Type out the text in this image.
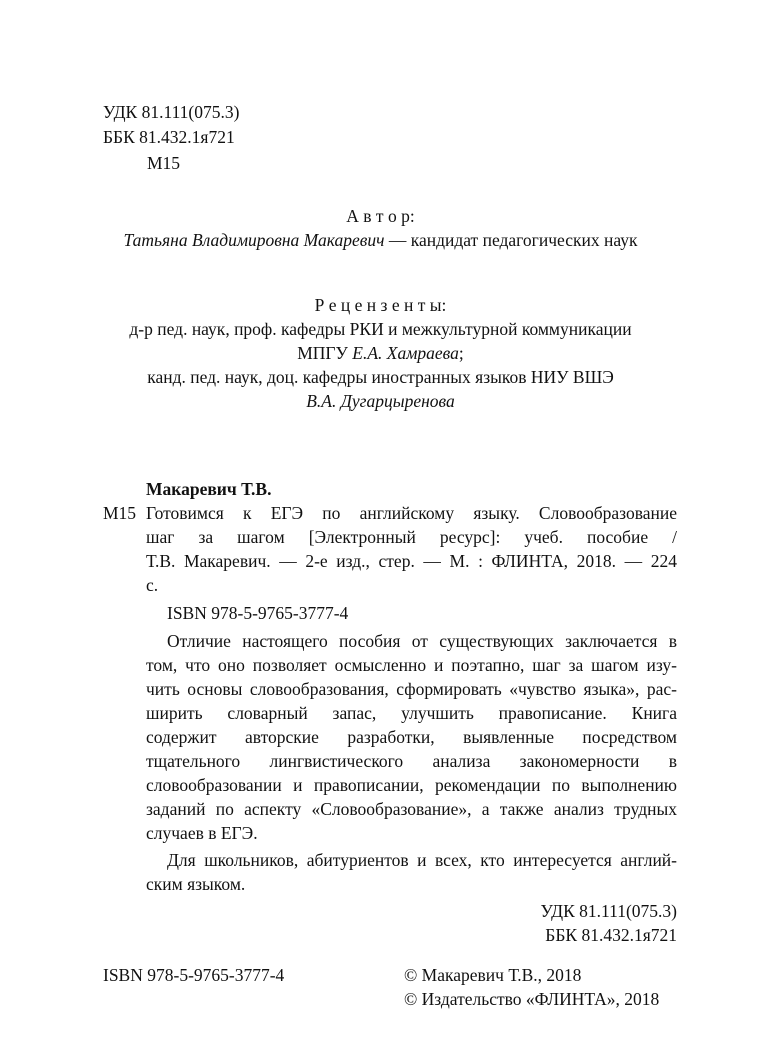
УДК 81.111(075.3)
ББК 81.432.1я721
М15
А в т о р:
Татьяна Владимировна Макаревич — кандидат педагогических наук
Р е ц е н з е н т ы:
д-р пед. наук, проф. кафедры РКИ и межкультурной коммуникации
МПГУ Е.А. Хамраева;
канд. пед. наук, доц. кафедры иностранных языков НИУ ВШЭ
В.А. Дугарцыренова
Макаревич Т.В.
М15 Готовимся к ЕГЭ по английскому языку. Словообразование
шаг за шагом [Электронный ресурс]: учеб. пособие /
Т.В. Макаревич. — 2-е изд., стер. — М. : ФЛИНТА, 2018. — 224
с.
ISBN 978-5-9765-3777-4
Отличие настоящего пособия от существующих заключается в
том, что оно позволяет осмысленно и поэтапно, шаг за шагом изу-
чить основы словообразования, сформировать «чувство языка», рас-
ширить словарный запас, улучшить правописание. Книга
содержит авторские разработки, выявленные посредством
тщательного лингвистического анализа закономерности в
словообразовании и правописании, рекомендации по выполнению
заданий по аспекту «Словообразование», а также анализ трудных
случаев в ЕГЭ.
Для школьников, абитуриентов и всех, кто интересуется англий-
ским языком.
УДК 81.111(075.3)
ББК 81.432.1я721
ISBN 978-5-9765-3777-4	© Макаревич Т.В., 2018
© Издательство «ФЛИНТА», 2018
